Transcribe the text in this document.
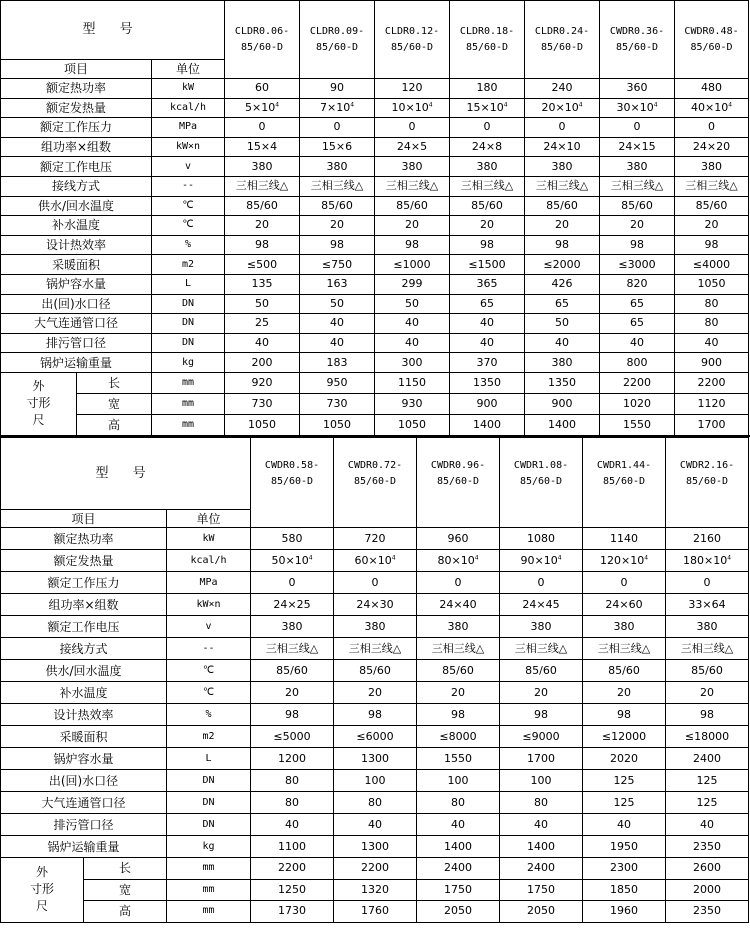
型 号			CLDR0.06-85/60-D	CLDR0.09-85/60-D	CLDR0.12-85/60-D	CLDR0.18-85/60-D	CLDR0.24-85/60-D	CWDR0.36-85/60-D	CWDR0.48-85/60-D
项目		单位							
额定热功率		kW	60	90	120	180	240	360	480
额定发热量		kcal/h	$5\times 10^4$	$7\times 10^4$	$10\times 10^4$	$15\times 10^4$	$20\times 10^4$	$30\times 10^4$	$40\times 10^4$
额定工作压力		MPa	0	0	0	0	0	0	0
组功率×组数		kW×n	15×4	15×6	24×5	24×8	24×10	24×15	24×20
额定工作电压		v	380	380	380	380	380	380	380
接线方式		--	三相三线△	三相三线△	三相三线△	三相三线△	三相三线△	三相三线△	三相三线△
供水/回水温度		℃	85/60	85/60	85/60	85/60	85/60	85/60	85/60
补水温度		℃	20	20	20	20	20	20	20
设计热效率		%	98	98	98	98	98	98	98
采暖面积		m2	≤500	≤750	≤1000	≤1500	≤2000	≤3000	≤4000
锅炉容水量		L	135	163	299	365	426	820	1050
出(回)水口径		DN	50	50	50	65	65	65	80
大气连通管口径		DN	25	40	40	40	50	65	80
排污管口径		DN	40	40	40	40	40	40	40
锅炉运输重量		kg	200	183	300	370	380	800	900

外
寸形
尺	长	mm	920	950	1150	1350	1350	2200	2200
	宽	mm	730	730	930	900	900	1020	1120
	高	mm	1050	1050	1050	1400	1400	1550	1700
型 号			CWDR0.58-85/60-D	CWDR0.72-85/60-D	CWDR0.96-85/60-D	CWDR1.08-85/60-D	CWDR1.44-85/60-D	CWDR2.16-85/60-D
项目		单位						
额定热功率		kW	580	720	960	1080	1140	2160
额定发热量		kcal/h	$50\times 10^4$	$60\times 10^4$	$80\times 10^4$	$90\times 10^4$	$120\times 10^4$	$180\times 10^4$
额定工作压力		MPa	0	0	0	0	0	0
组功率×组数		kW×n	24×25	24×30	24×40	24×45	24×60	33×64
额定工作电压		v	380	380	380	380	380	380
接线方式		--	三相三线△	三相三线△	三相三线△	三相三线△	三相三线△	三相三线△
供水/回水温度		℃	85/60	85/60	85/60	85/60	85/60	85/60
补水温度		℃	20	20	20	20	20	20
设计热效率		%	98	98	98	98	98	98
采暖面积		m2	≤5000	≤6000	≤8000	≤9000	≤12000	≤18000
锅炉容水量		L	1200	1300	1550	1700	2020	2400
出(回)水口径		DN	80	100	100	100	125	125
大气连通管口径		DN	80	80	80	80	125	125
排污管口径		DN	40	40	40	40	40	40
锅炉运输重量		kg	1100	1300	1400	1400	1950	2350

外
寸形
尺	长	mm	2200	2200	2400	2400	2300	2600
	宽	mm	1250	1320	1750	1750	1850	2000
	高	mm	1730	1760	2050	2050	1960	2350
